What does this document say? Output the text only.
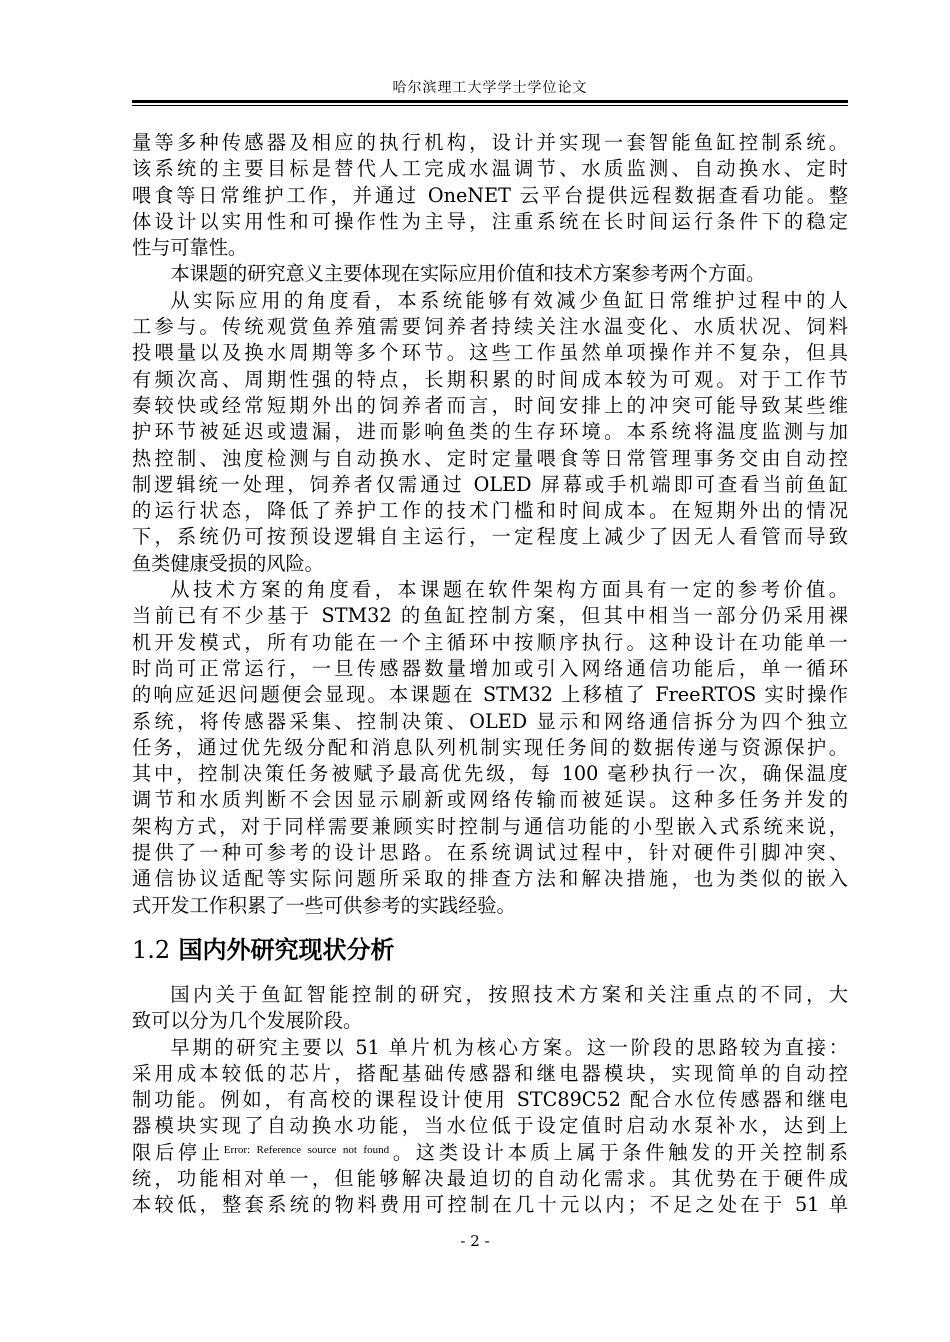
哈尔滨理工大学学士学位论文

量等多种传感器及相应的执行机构，设计并实现一套智能鱼缸控制系统。

该系统的主要目标是替代人工完成水温调节、水质监测、自动换水、定时

喂食等日常维护工作，并通过 OneNET 云平台提供远程数据查看功能。整

体设计以实用性和可操作性为主导，注重系统在长时间运行条件下的稳定

性与可靠性。

本课题的研究意义主要体现在实际应用价值和技术方案参考两个方面。

从实际应用的角度看，本系统能够有效减少鱼缸日常维护过程中的人

工参与。传统观赏鱼养殖需要饲养者持续关注水温变化、水质状况、饲料

投喂量以及换水周期等多个环节。这些工作虽然单项操作并不复杂，但具

有频次高、周期性强的特点，长期积累的时间成本较为可观。对于工作节

奏较快或经常短期外出的饲养者而言，时间安排上的冲突可能导致某些维

护环节被延迟或遗漏，进而影响鱼类的生存环境。本系统将温度监测与加

热控制、浊度检测与自动换水、定时定量喂食等日常管理事务交由自动控

制逻辑统一处理，饲养者仅需通过 OLED 屏幕或手机端即可查看当前鱼缸

的运行状态，降低了养护工作的技术门槛和时间成本。在短期外出的情况

下，系统仍可按预设逻辑自主运行，一定程度上减少了因无人看管而导致

鱼类健康受损的风险。

从技术方案的角度看，本课题在软件架构方面具有一定的参考价值。

当前已有不少基于 STM32 的鱼缸控制方案，但其中相当一部分仍采用裸

机开发模式，所有功能在一个主循环中按顺序执行。这种设计在功能单一

时尚可正常运行，一旦传感器数量增加或引入网络通信功能后，单一循环

的响应延迟问题便会显现。本课题在 STM32 上移植了 FreeRTOS 实时操作

系统，将传感器采集、控制决策、OLED 显示和网络通信拆分为四个独立

任务，通过优先级分配和消息队列机制实现任务间的数据传递与资源保护。

其中，控制决策任务被赋予最高优先级，每 100 毫秒执行一次，确保温度

调节和水质判断不会因显示刷新或网络传输而被延误。这种多任务并发的

架构方式，对于同样需要兼顾实时控制与通信功能的小型嵌入式系统来说，

提供了一种可参考的设计思路。在系统调试过程中，针对硬件引脚冲突、

通信协议适配等实际问题所采取的排查方法和解决措施，也为类似的嵌入

式开发工作积累了一些可供参考的实践经验。

1.2 国内外研究现状分析

国内关于鱼缸智能控制的研究，按照技术方案和关注重点的不同，大

致可以分为几个发展阶段。

早期的研究主要以 51 单片机为核心方案。这一阶段的思路较为直接：

采用成本较低的芯片，搭配基础传感器和继电器模块，实现简单的自动控

制功能。例如，有高校的课程设计使用 STC89C52 配合水位传感器和继电

器模块实现了自动换水功能，当水位低于设定值时启动水泵补水，达到上

限后停止$^{Error: Reference source not found}$。这类设计本质上属于条件触发的开关控制系

统，功能相对单一，但能够解决最迫切的自动化需求。其优势在于硬件成

本较低，整套系统的物料费用可控制在几十元以内；不足之处在于 51 单

- 2 -
